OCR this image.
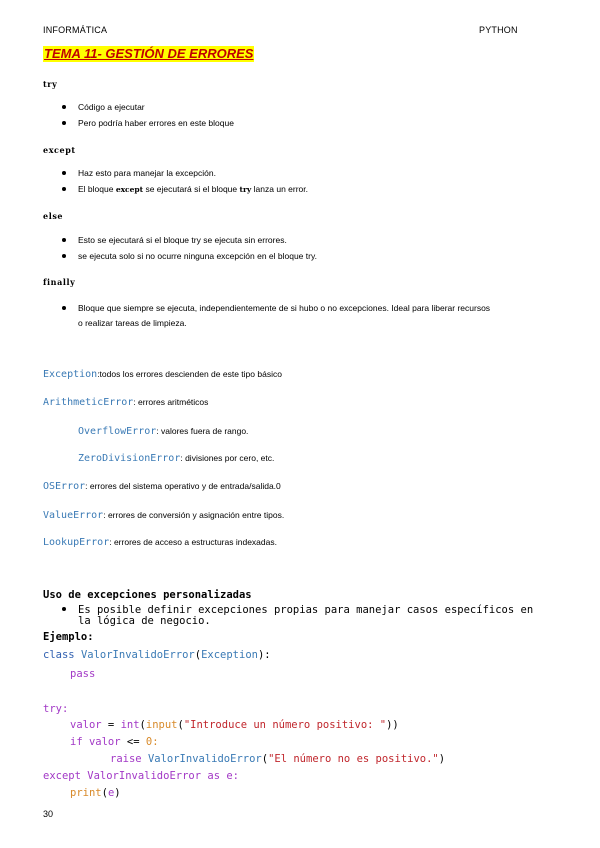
INFORMÁTICA	PYTHON
TEMA 11- GESTIÓN DE ERRORES
try
Código a ejecutar
Pero podría haber errores en este bloque
except
Haz esto para manejar la excepción.
El bloque except se ejecutará si el bloque try lanza un error.
else
Esto se ejecutará si el bloque try se ejecuta sin errores.
se ejecuta solo si no ocurre ninguna excepción en el bloque try.
finally
Bloque que siempre se ejecuta, independientemente de si hubo o no excepciones. Ideal para liberar recursos
o realizar tareas de limpieza.
Exception:todos los errores descienden de este tipo básico
ArithmeticError: errores aritméticos
OverflowError: valores fuera de rango.
ZeroDivisionError: divisiones por cero, etc.
OSError: errores del sistema operativo y de entrada/salida.0
ValueError: errores de conversión y asignación entre tipos.
LookupError: errores de acceso a estructuras indexadas.
Uso de excepciones personalizadas
Es posible definir excepciones propias para manejar casos específicos en
la lógica de negocio.
Ejemplo:
class ValorInvalidoError(Exception):
pass
try:
valor = int(input("Introduce un número positivo: "))
if valor <= 0:
raise ValorInvalidoError("El número no es positivo.")
except ValorInvalidoError as e:
print(e)
30
